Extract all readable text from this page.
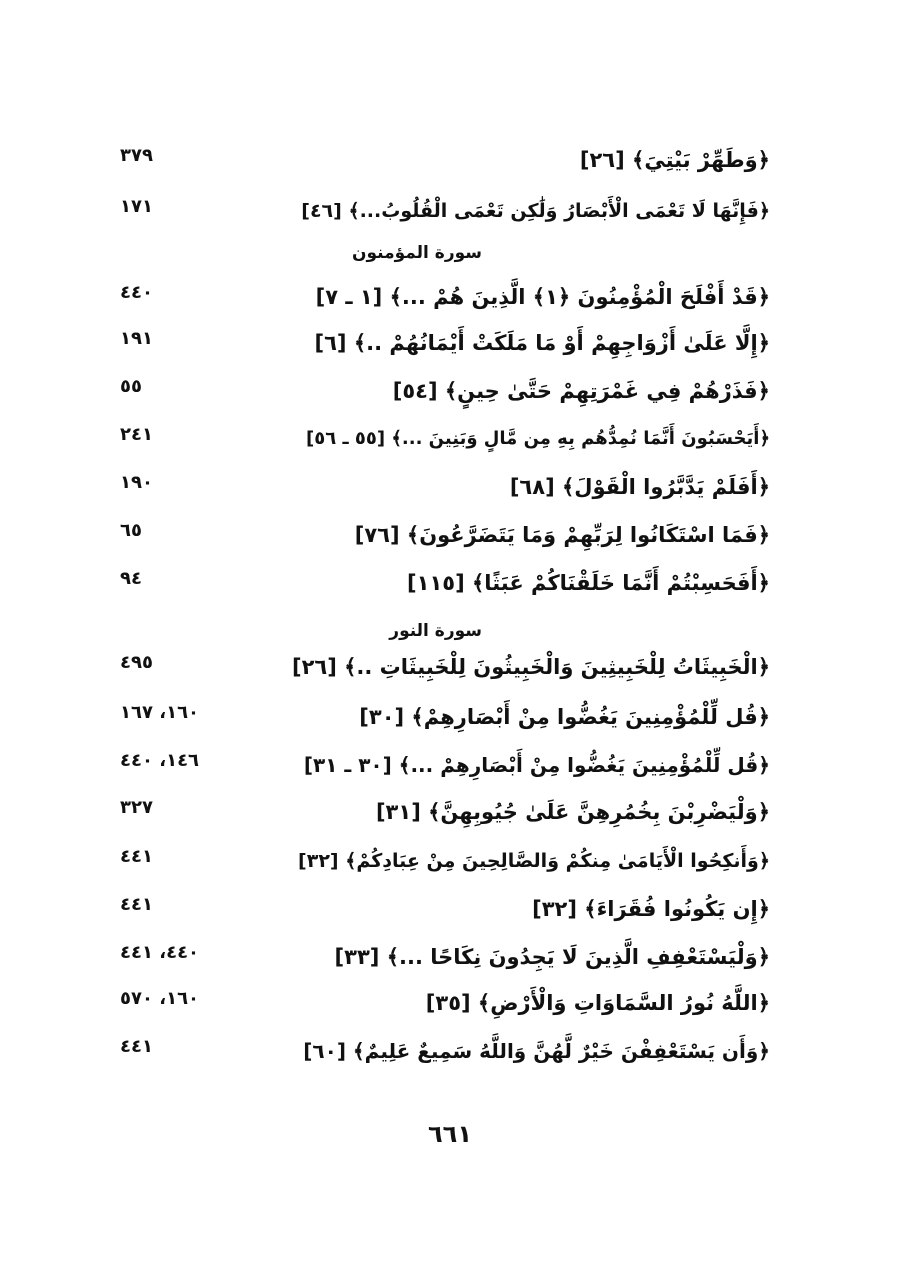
﴿وَطَهِّرْ بَيْتِيَ﴾ [٢٦]
٣٧٩
﴿فَإِنَّهَا لَا تَعْمَى الْأَبْصَارُ وَلَٰكِن تَعْمَى الْقُلُوبُ...﴾ [٤٦]
١٧١
سورة المؤمنون
﴿قَدْ أَفْلَحَ الْمُؤْمِنُونَ ﴿١﴾ الَّذِينَ هُمْ ...﴾ [١ ـ ٧]
٤٤٠
﴿إِلَّا عَلَىٰ أَزْوَاجِهِمْ أَوْ مَا مَلَكَتْ أَيْمَانُهُمْ ..﴾ [٦]
١٩١
﴿فَذَرْهُمْ فِي غَمْرَتِهِمْ حَتَّىٰ حِينٍ﴾ [٥٤]
٥٥
﴿أَيَحْسَبُونَ أَنَّمَا نُمِدُّهُم بِهِ مِن مَّالٍ وَبَنِينَ ...﴾ [٥٥ ـ ٥٦]
٢٤١
﴿أَفَلَمْ يَدَّبَّرُوا الْقَوْلَ﴾ [٦٨]
١٩٠
﴿فَمَا اسْتَكَانُوا لِرَبِّهِمْ وَمَا يَتَضَرَّعُونَ﴾ [٧٦]
٦٥
﴿أَفَحَسِبْتُمْ أَنَّمَا خَلَقْنَاكُمْ عَبَثًا﴾ [١١٥]
٩٤
سورة النور
﴿الْخَبِيثَاتُ لِلْخَبِيثِينَ وَالْخَبِيثُونَ لِلْخَبِيثَاتِ ..﴾ [٢٦]
٤٩٥
﴿قُل لِّلْمُؤْمِنِينَ يَغُضُّوا مِنْ أَبْصَارِهِمْ﴾ [٣٠]
١٦٠، ١٦٧
﴿قُل لِّلْمُؤْمِنِينَ يَغُضُّوا مِنْ أَبْصَارِهِمْ ...﴾ [٣٠ ـ ٣١]
١٤٦، ٤٤٠
﴿وَلْيَضْرِبْنَ بِخُمُرِهِنَّ عَلَىٰ جُيُوبِهِنَّ﴾ [٣١]
٣٢٧
﴿وَأَنكِحُوا الْأَيَامَىٰ مِنكُمْ وَالصَّالِحِينَ مِنْ عِبَادِكُمْ﴾ [٣٢]
٤٤١
﴿إِن يَكُونُوا فُقَرَاءَ﴾ [٣٢]
٤٤١
﴿وَلْيَسْتَعْفِفِ الَّذِينَ لَا يَجِدُونَ نِكَاحًا ...﴾ [٣٣]
٤٤٠، ٤٤١
﴿اللَّهُ نُورُ السَّمَاوَاتِ وَالْأَرْضِ﴾ [٣٥]
١٦٠، ٥٧٠
﴿وَأَن يَسْتَعْفِفْنَ خَيْرٌ لَّهُنَّ وَاللَّهُ سَمِيعٌ عَلِيمٌ﴾ [٦٠]
٤٤١
٦٦١
